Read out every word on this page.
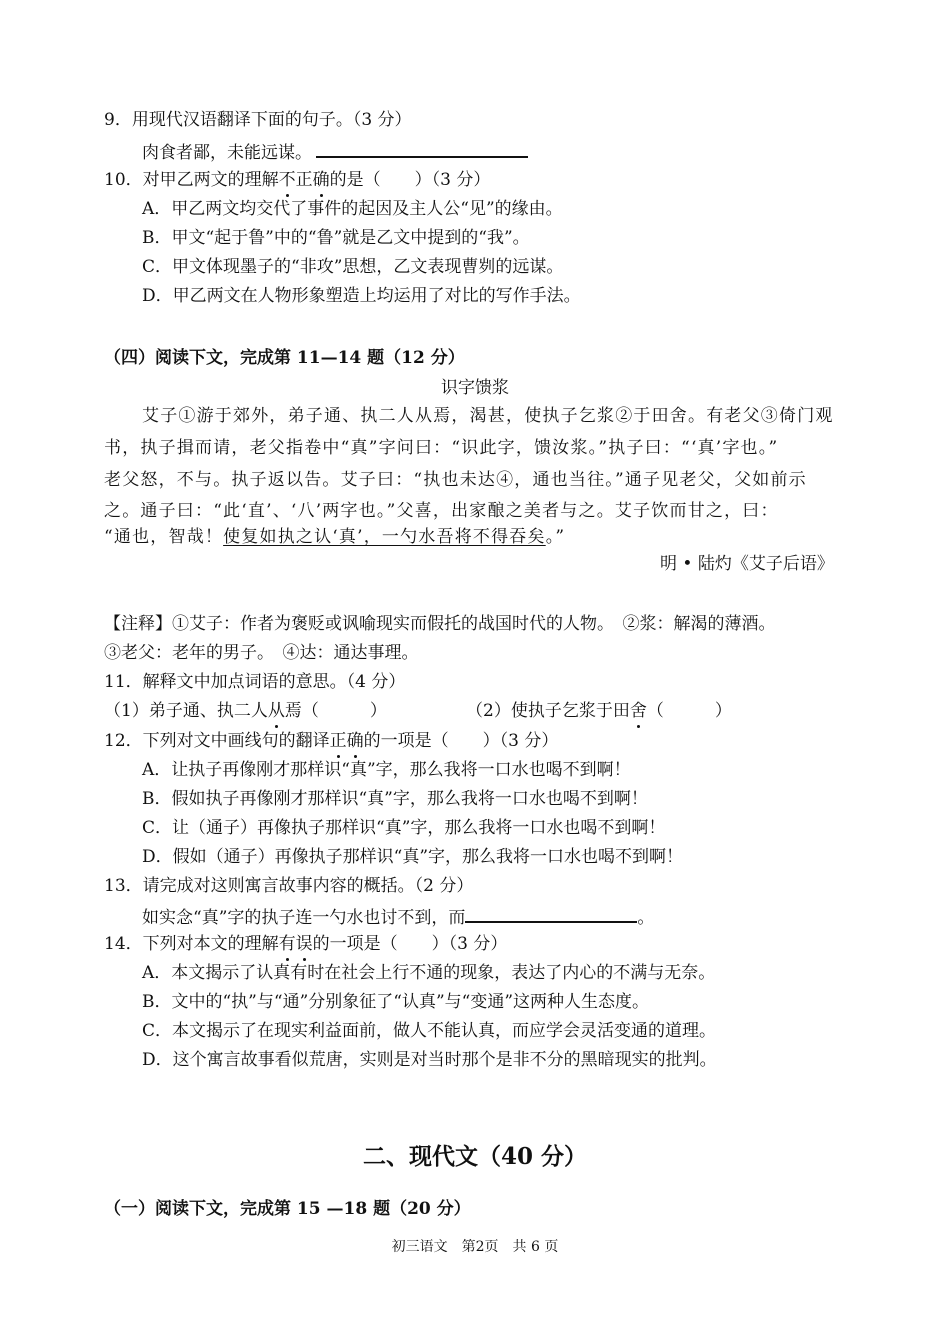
9．用现代汉语翻译下面的句子。（3 分）
肉食者鄙，未能远谋。
10．对甲乙两文的理解不正确的是（　　）（3 分）
A．甲乙两文均交代了事件的起因及主人公“见”的缘由。
B．甲文“起于鲁”中的“鲁”就是乙文中提到的“我”。
C．甲文体现墨子的“非攻”思想，乙文表现曹刿的远谋。
D．甲乙两文在人物形象塑造上均运用了对比的写作手法。
（四）阅读下文，完成第 11—14 题（12 分）
识字馈浆
艾子①游于郊外，弟子通、执二人从焉，渴甚，使执子乞浆②于田舍。有老父③倚门观
书，执子揖而请，老父指卷中“真”字问曰：“识此字，馈汝浆。”执子曰：“‘真’字也。”
老父怒，不与。执子返以告。艾子曰：“执也未达④，通也当往。”通子见老父，父如前示
之。通子曰：“此‘直’、‘八’两字也。”父喜，出家酿之美者与之。艾子饮而甘之，曰：
“通也，智哉！使复如执之认‘真’，一勺水吾将不得吞矣。”
明 • 陆灼《艾子后语》
【注释】①艾子：作者为褒贬或讽喻现实而假托的战国时代的人物。　②浆：解渴的薄酒。
③老父：老年的男子。　④达：通达事理。
11．解释文中加点词语的意思。（4 分）
（1）弟子通、执二人从焉（　　　）	（2）使执子乞浆于田舍（　　　）
12．下列对文中画线句的翻译正确的一项是（　　）（3 分）
A．让执子再像刚才那样识“真”字，那么我将一口水也喝不到啊！
B．假如执子再像刚才那样识“真”字，那么我将一口水也喝不到啊！
C．让（通子）再像执子那样识“真”字，那么我将一口水也喝不到啊！
D．假如（通子）再像执子那样识“真”字，那么我将一口水也喝不到啊！
13．请完成对这则寓言故事内容的概括。（2 分）
如实念“真”字的执子连一勺水也讨不到，而	。
14．下列对本文的理解有误的一项是（　　）（3 分）
A．本文揭示了认真有时在社会上行不通的现象，表达了内心的不满与无奈。
B．文中的“执”与“通”分别象征了“认真”与“变通”这两种人生态度。
C．本文揭示了在现实利益面前，做人不能认真，而应学会灵活变通的道理。
D．这个寓言故事看似荒唐，实则是对当时那个是非不分的黑暗现实的批判。
二、现代文（40 分）
（一）阅读下文，完成第 15 —18 题（20 分）
初三语文　第2页　共 6 页
